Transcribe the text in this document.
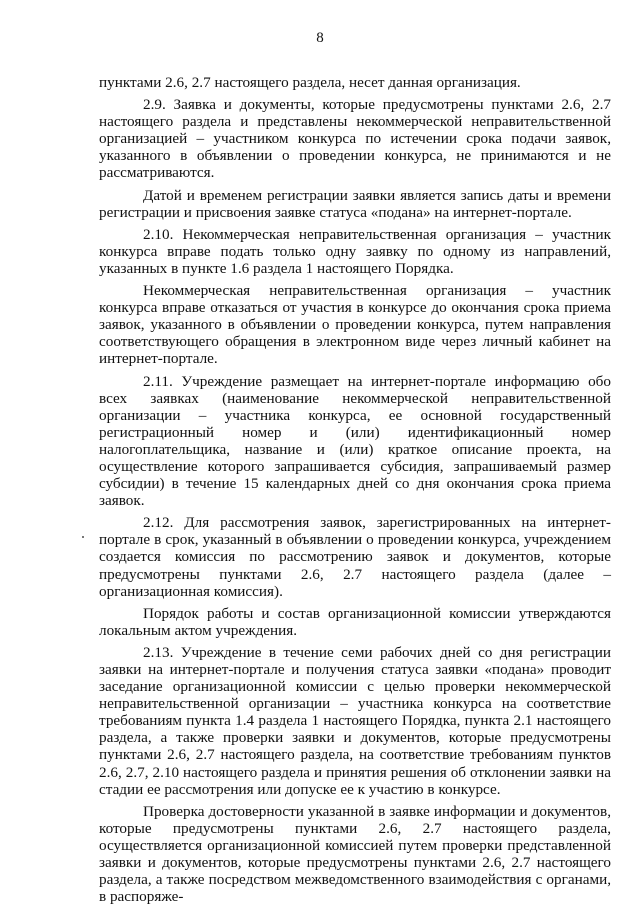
8

пунктами 2.6, 2.7 настоящего раздела, несет данная организация.

2.9. Заявка и документы, которые предусмотрены пунктами 2.6, 2.7 настоящего раздела и представлены некоммерческой неправительственной организацией – участником конкурса по истечении срока подачи заявок, указанного в объявлении о проведении конкурса, не принимаются и не рассматриваются.

Датой и временем регистрации заявки является запись даты и времени регистрации и присвоения заявке статуса «подана» на интернет-портале.

2.10. Некоммерческая неправительственная организация – участник конкурса вправе подать только одну заявку по одному из направлений, указанных в пункте 1.6 раздела 1 настоящего Порядка.

Некоммерческая неправительственная организация – участник конкурса вправе отказаться от участия в конкурсе до окончания срока приема заявок, указанного в объявлении о проведении конкурса, путем направления соответствующего обращения в электронном виде через личный кабинет на интернет-портале.

2.11. Учреждение размещает на интернет-портале информацию обо всех заявках (наименование некоммерческой неправительственной организации – участника конкурса, ее основной государственный регистрационный номер и (или) идентификационный номер налогоплательщика, название и (или) краткое описание проекта, на осуществление которого запрашивается субсидия, запрашиваемый размер субсидии) в течение 15 календарных дней со дня окончания срока приема заявок.

2.12. Для рассмотрения заявок, зарегистрированных на интернет-портале в срок, указанный в объявлении о проведении конкурса, учреждением создается комиссия по рассмотрению заявок и документов, которые предусмотрены пунктами 2.6, 2.7 настоящего раздела (далее – организационная комиссия).

Порядок работы и состав организационной комиссии утверждаются локальным актом учреждения.

2.13. Учреждение в течение семи рабочих дней со дня регистрации заявки на интернет-портале и получения статуса заявки «подана» проводит заседание организационной комиссии с целью проверки некоммерческой неправительственной организации – участника конкурса на соответствие требованиям пункта 1.4 раздела 1 настоящего Порядка, пункта 2.1 настоящего раздела, а также проверки заявки и документов, которые предусмотрены пунктами 2.6, 2.7 настоящего раздела, на соответствие требованиям пунктов 2.6, 2.7, 2.10 настоящего раздела и принятия решения об отклонении заявки на стадии ее рассмотрения или допуске ее к участию в конкурсе.

Проверка достоверности указанной в заявке информации и документов, которые предусмотрены пунктами 2.6, 2.7 настоящего раздела, осуществляется организационной комиссией путем проверки представленной заявки и документов, которые предусмотрены пунктами 2.6, 2.7 настоящего раздела, а также посредством межведомственного взаимодействия с органами, в распоряже-
